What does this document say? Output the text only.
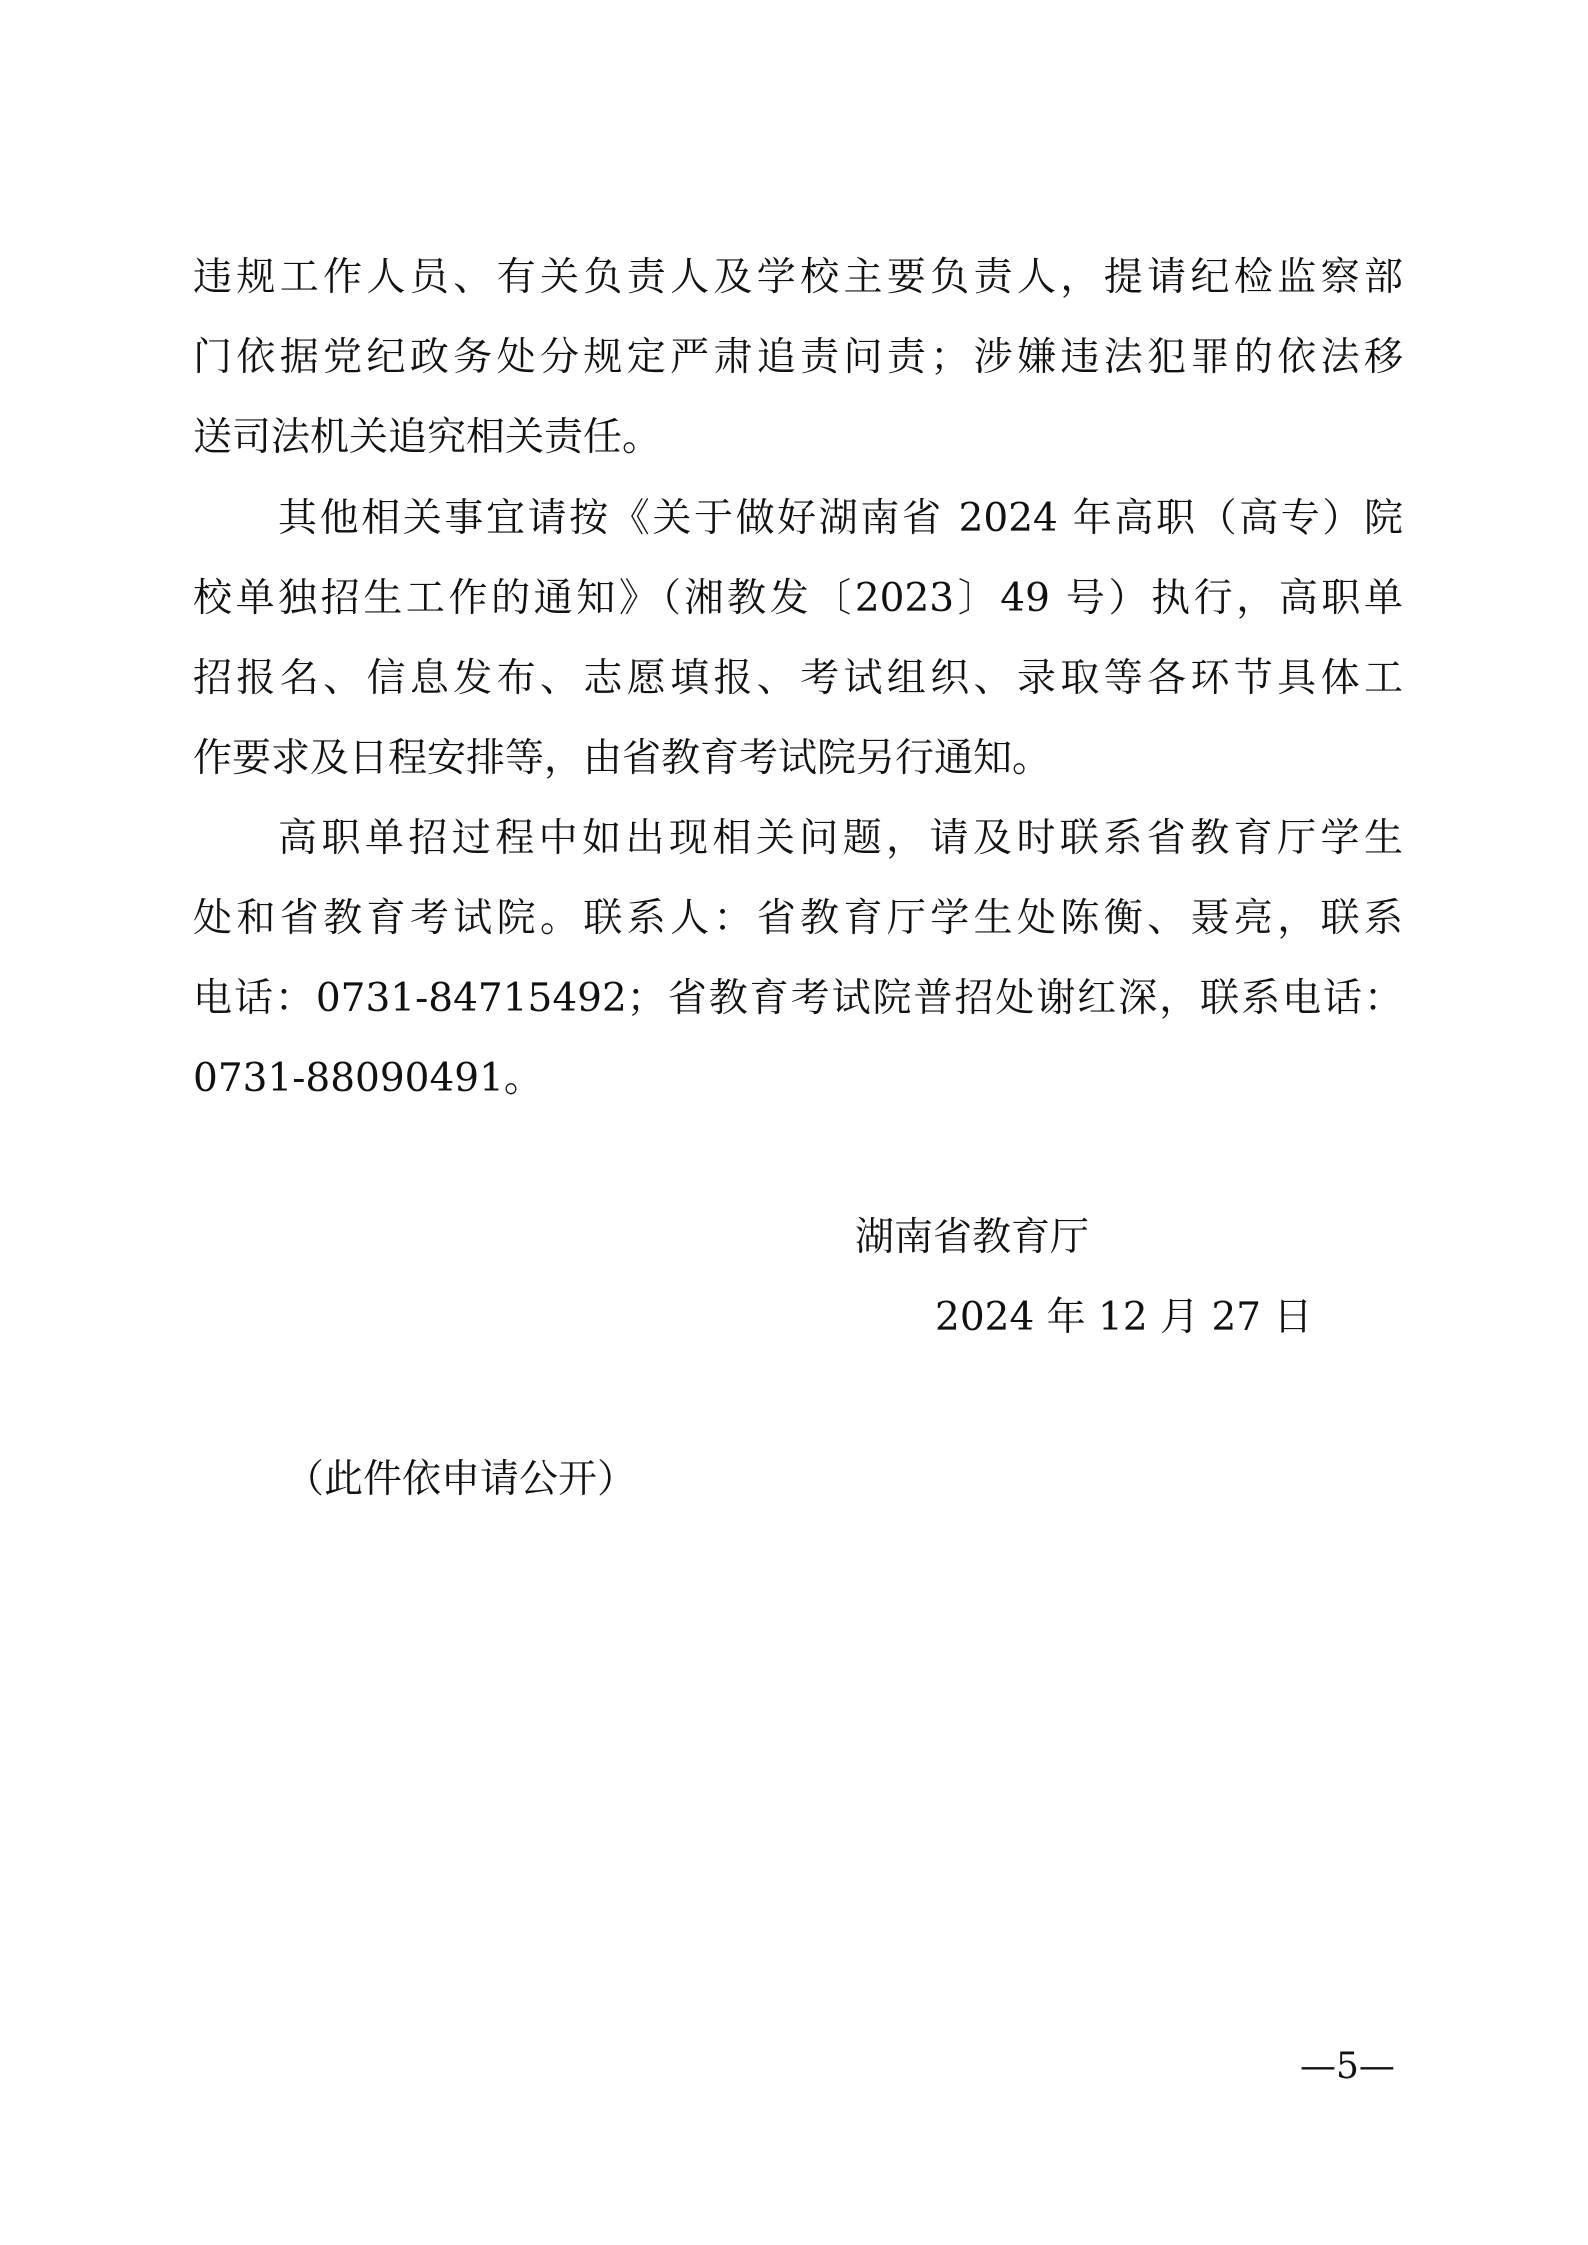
违规工作人员、有关负责人及学校主要负责人，提请纪检监察部
门依据党纪政务处分规定严肃追责问责；涉嫌违法犯罪的依法移
送司法机关追究相关责任。
其他相关事宜请按《关于做好湖南省 2024 年高职（高专）院
校单独招生工作的通知》（湘教发〔2023〕49 号）执行，高职单
招报名、信息发布、志愿填报、考试组织、录取等各环节具体工
作要求及日程安排等，由省教育考试院另行通知。
高职单招过程中如出现相关问题，请及时联系省教育厅学生
处和省教育考试院。联系人：省教育厅学生处陈衡、聂亮，联系
电话：0731-84715492；省教育考试院普招处谢红深，联系电话：
0731-88090491。
湖南省教育厅
2024 年 12 月 27 日
（此件依申请公开）
—5—
